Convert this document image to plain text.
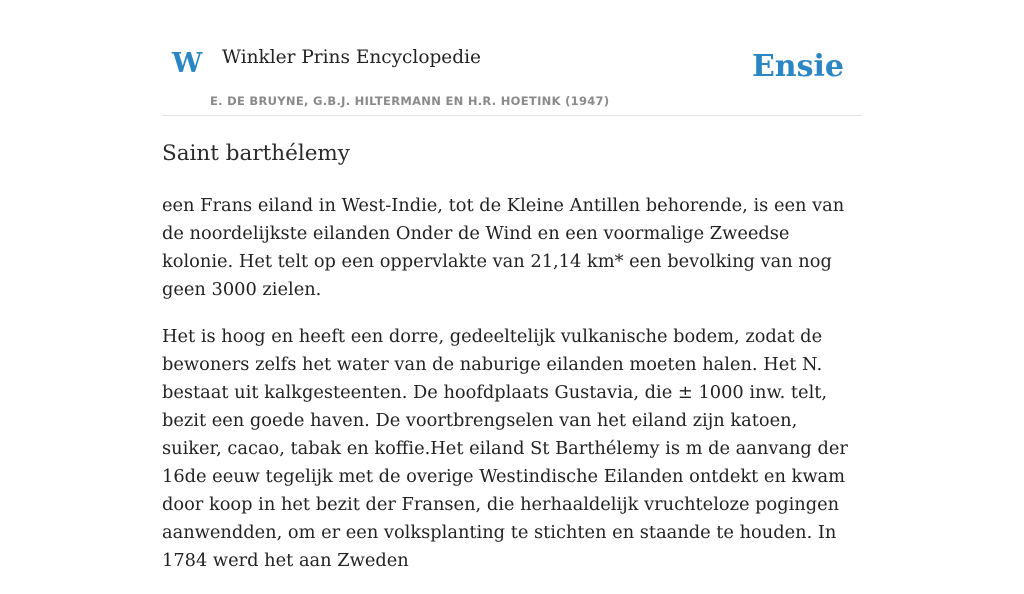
W Winkler Prins Encyclopedie
E. DE BRUYNE, G.B.J. HILTERMANN EN H.R. HOETINK (1947)
Ensie
Saint barthélemy

een Frans eiland in West-Indie, tot de Kleine Antillen behorende, is een van de noordelijkste eilanden Onder de Wind en een voormalige Zweedse kolonie. Het telt op een oppervlakte van 21,14 km* een bevolking van nog geen 3000 zielen.

Het is hoog en heeft een dorre, gedeeltelijk vulkanische bodem, zodat de bewoners zelfs het water van de naburige eilanden moeten halen. Het N. bestaat uit kalkgesteenten. De hoofdplaats Gustavia, die ± 1000 inw. telt, bezit een goede haven. De voortbrengselen van het eiland zijn katoen, suiker, cacao, tabak en koffie.Het eiland St Barthélemy is m de aanvang der 16de eeuw tegelijk met de overige Westindische Eilanden ontdekt en kwam door koop in het bezit der Fransen, die herhaaldelijk vruchteloze pogingen aanwendden, om er een volksplanting te stichten en staande te houden. In 1784 werd het aan Zweden
